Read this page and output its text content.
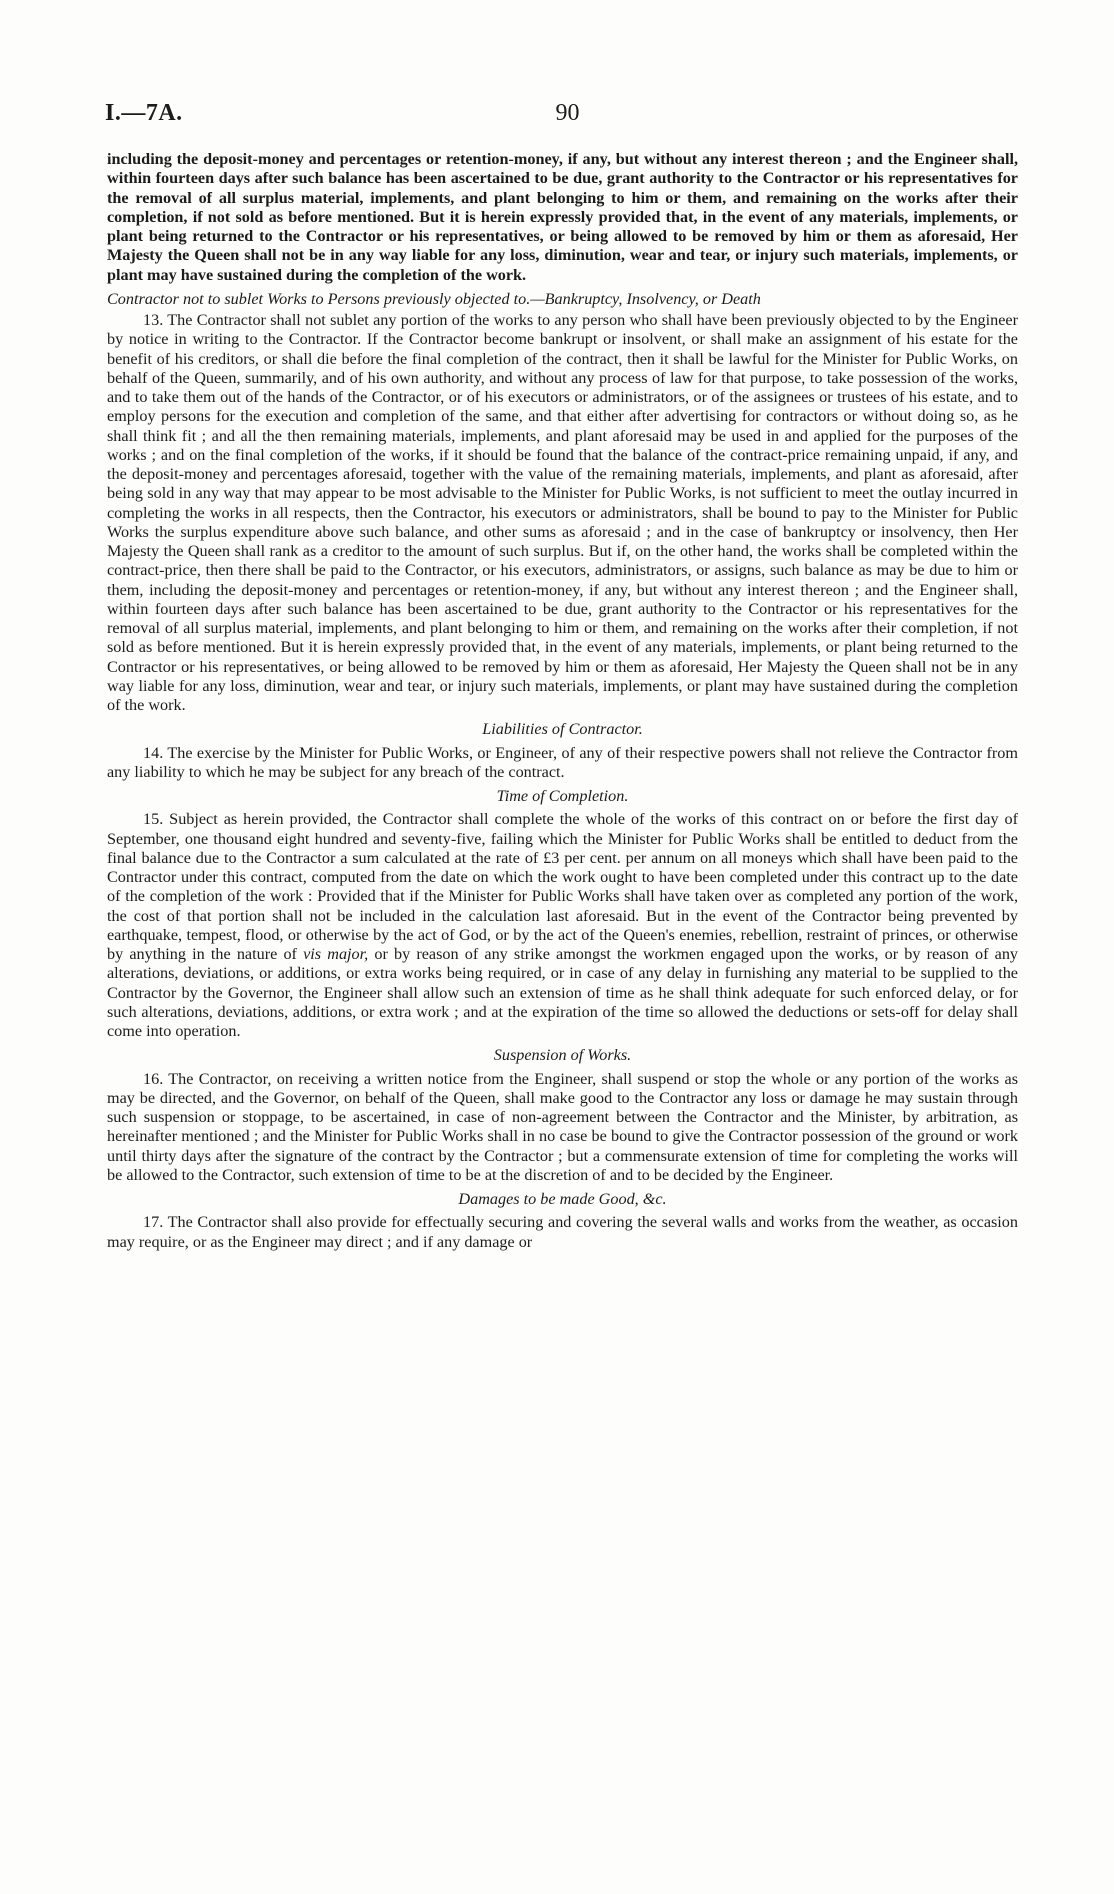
I.—7A.	90

including the deposit-money and percentages or retention-money, if any, but without any interest thereon ; and the Engineer shall, within fourteen days after such balance has been ascertained to be due, grant authority to the Contractor or his representatives for the removal of all surplus material, implements, and plant belonging to him or them, and remaining on the works after their completion, if not sold as before mentioned. But it is herein expressly provided that, in the event of any materials, implements, or plant being returned to the Contractor or his representatives, or being allowed to be removed by him or them as aforesaid, Her Majesty the Queen shall not be in any way liable for any loss, diminution, wear and tear, or injury such materials, implements, or plant may have sustained during the completion of the work.

Contractor not to sublet Works to Persons previously objected to.—Bankruptcy, Insolvency, or Death

13. The Contractor shall not sublet any portion of the works to any person who shall have been previously objected to by the Engineer by notice in writing to the Contractor. If the Contractor become bankrupt or insolvent, or shall make an assignment of his estate for the benefit of his creditors, or shall die before the final completion of the contract, then it shall be lawful for the Minister for Public Works, on behalf of the Queen, summarily, and of his own authority, and without any process of law for that purpose, to take possession of the works, and to take them out of the hands of the Contractor, or of his executors or administrators, or of the assignees or trustees of his estate, and to employ persons for the execution and completion of the same, and that either after advertising for contractors or without doing so, as he shall think fit ; and all the then remaining materials, implements, and plant aforesaid may be used in and applied for the purposes of the works ; and on the final completion of the works, if it should be found that the balance of the contract-price remaining unpaid, if any, and the deposit-money and percentages aforesaid, together with the value of the remaining materials, implements, and plant as aforesaid, after being sold in any way that may appear to be most advisable to the Minister for Public Works, is not sufficient to meet the outlay incurred in completing the works in all respects, then the Contractor, his executors or administrators, shall be bound to pay to the Minister for Public Works the surplus expenditure above such balance, and other sums as aforesaid ; and in the case of bankruptcy or insolvency, then Her Majesty the Queen shall rank as a creditor to the amount of such surplus. But if, on the other hand, the works shall be completed within the contract-price, then there shall be paid to the Contractor, or his executors, administrators, or assigns, such balance as may be due to him or them, including the deposit-money and percentages or retention-money, if any, but without any interest thereon ; and the Engineer shall, within fourteen days after such balance has been ascertained to be due, grant authority to the Contractor or his representatives for the removal of all surplus material, implements, and plant belonging to him or them, and remaining on the works after their completion, if not sold as before mentioned. But it is herein expressly provided that, in the event of any materials, implements, or plant being returned to the Contractor or his representatives, or being allowed to be removed by him or them as aforesaid, Her Majesty the Queen shall not be in any way liable for any loss, diminution, wear and tear, or injury such materials, implements, or plant may have sustained during the completion of the work.

Liabilities of Contractor.

14. The exercise by the Minister for Public Works, or Engineer, of any of their respective powers shall not relieve the Contractor from any liability to which he may be subject for any breach of the contract.

Time of Completion.

15. Subject as herein provided, the Contractor shall complete the whole of the works of this contract on or before the first day of September, one thousand eight hundred and seventy-five, failing which the Minister for Public Works shall be entitled to deduct from the final balance due to the Contractor a sum calculated at the rate of £3 per cent. per annum on all moneys which shall have been paid to the Contractor under this contract, computed from the date on which the work ought to have been completed under this contract up to the date of the completion of the work : Provided that if the Minister for Public Works shall have taken over as completed any portion of the work, the cost of that portion shall not be included in the calculation last aforesaid. But in the event of the Contractor being prevented by earthquake, tempest, flood, or otherwise by the act of God, or by the act of the Queen's enemies, rebellion, restraint of princes, or otherwise by anything in the nature of vis major, or by reason of any strike amongst the workmen engaged upon the works, or by reason of any alterations, deviations, or additions, or extra works being required, or in case of any delay in furnishing any material to be supplied to the Contractor by the Governor, the Engineer shall allow such an extension of time as he shall think adequate for such enforced delay, or for such alterations, deviations, additions, or extra work ; and at the expiration of the time so allowed the deductions or sets-off for delay shall come into operation.

Suspension of Works.

16. The Contractor, on receiving a written notice from the Engineer, shall suspend or stop the whole or any portion of the works as may be directed, and the Governor, on behalf of the Queen, shall make good to the Contractor any loss or damage he may sustain through such suspension or stoppage, to be ascertained, in case of non-agreement between the Contractor and the Minister, by arbitration, as hereinafter mentioned ; and the Minister for Public Works shall in no case be bound to give the Contractor possession of the ground or work until thirty days after the signature of the contract by the Contractor ; but a commensurate extension of time for completing the works will be allowed to the Contractor, such extension of time to be at the discretion of and to be decided by the Engineer.

Damages to be made Good, &c.

17. The Contractor shall also provide for effectually securing and covering the several walls and works from the weather, as occasion may require, or as the Engineer may direct ; and if any damage or
